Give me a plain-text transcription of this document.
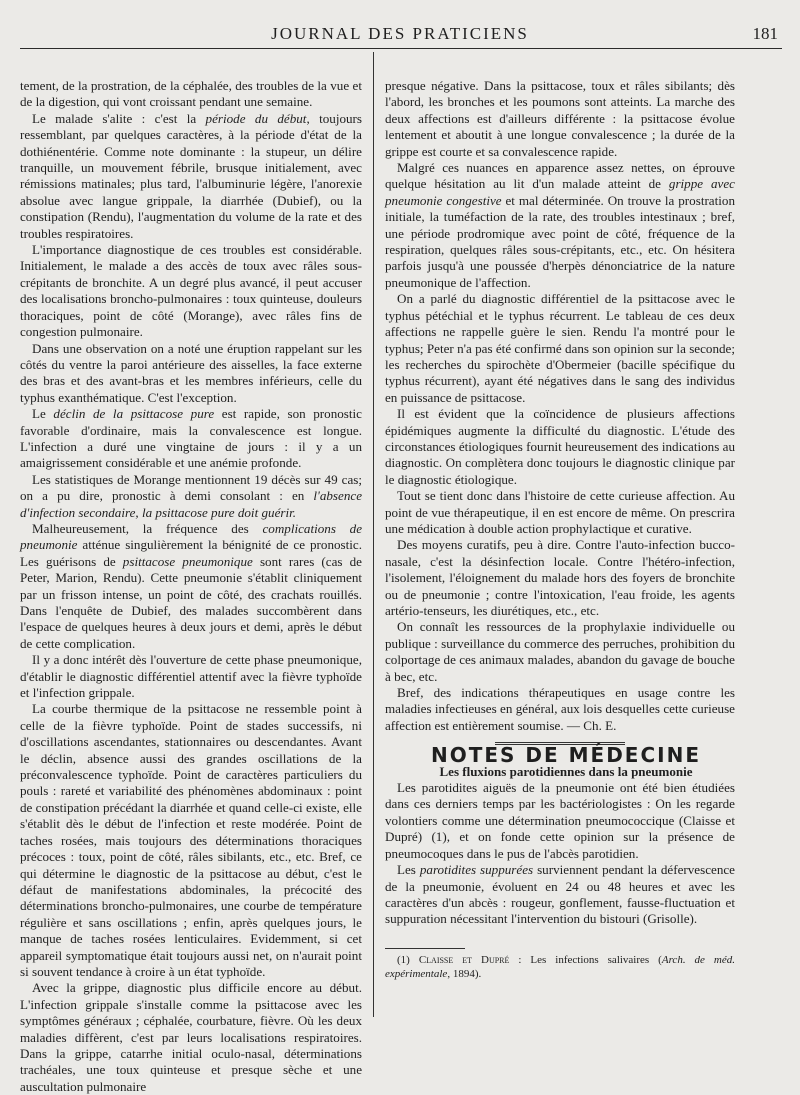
JOURNAL DES PRATICIENS	181

tement, de la prostration, de la céphalée, des troubles de la vue et de la digestion, qui vont croissant pendant une semaine.

Le malade s'alite : c'est la période du début, toujours ressemblant, par quelques caractères, à la période d'état de la dothiénentérie. Comme note dominante : la stupeur, un délire tranquille, un mouvement fébrile, brusque initialement, avec rémissions matinales; plus tard, l'albuminurie légère, l'anorexie absolue avec langue grippale, la diarrhée (Dubief), ou la constipation (Rendu), l'augmentation du volume de la rate et des troubles respiratoires.

L'importance diagnostique de ces troubles est considérable. Initialement, le malade a des accès de toux avec râles sous-crépitants de bronchite. A un degré plus avancé, il peut accuser des localisations broncho-pulmonaires : toux quinteuse, douleurs thoraciques, point de côté (Morange), avec râles fins de congestion pulmonaire.

Dans une observation on a noté une éruption rappelant sur les côtés du ventre la paroi antérieure des aisselles, la face externe des bras et des avant-bras et les membres inférieurs, celle du typhus exanthématique. C'est l'exception.

Le déclin de la psittacose pure est rapide, son pronostic favorable d'ordinaire, mais la convalescence est longue. L'infection a duré une vingtaine de jours : il y a un amaigrissement considérable et une anémie profonde.

Les statistiques de Morange mentionnent 19 décès sur 49 cas; on a pu dire, pronostic à demi consolant : en l'absence d'infection secondaire, la psittacose pure doit guérir.

Malheureusement, la fréquence des complications de pneumonie atténue singulièrement la bénignité de ce pronostic. Les guérisons de psittacose pneumonique sont rares (cas de Peter, Marion, Rendu). Cette pneumonie s'établit cliniquement par un frisson intense, un point de côté, des crachats rouillés. Dans l'enquête de Dubief, des malades succombèrent dans l'espace de quelques heures à deux jours et demi, après le début de cette complication.

Il y a donc intérêt dès l'ouverture de cette phase pneumonique, d'établir le diagnostic différentiel attentif avec la fièvre typhoïde et l'infection grippale.

La courbe thermique de la psittacose ne ressemble point à celle de la fièvre typhoïde. Point de stades successifs, ni d'oscillations ascendantes, stationnaires ou descendantes. Avant le déclin, absence aussi des grandes oscillations de la préconvalescence typhoïde. Point de caractères particuliers du pouls : rareté et variabilité des phénomènes abdominaux : point de constipation précédant la diarrhée et quand celle-ci existe, elle s'établit dès le début de l'infection et reste modérée. Point de taches rosées, mais toujours des déterminations thoraciques précoces : toux, point de côté, râles sibilants, etc., etc. Bref, ce qui détermine le diagnostic de la psittacose au début, c'est le défaut de manifestations abdominales, la précocité des déterminations broncho-pulmonaires, une courbe de température régulière et sans oscillations ; enfin, après quelques jours, le manque de taches rosées lenticulaires. Evidemment, si cet appareil symptomatique était toujours aussi net, on n'aurait point si souvent tendance à croire à un état typhoïde.

Avec la grippe, diagnostic plus difficile encore au début. L'infection grippale s'installe comme la psittacose avec les symptômes généraux ; céphalée, courbature, fièvre. Où les deux maladies diffèrent, c'est par leurs localisations respiratoires. Dans la grippe, catarrhe initial oculo-nasal, déterminations trachéales, une toux quinteuse et presque sèche et une auscultation pulmonaire

presque négative. Dans la psittacose, toux et râles sibilants; dès l'abord, les bronches et les poumons sont atteints. La marche des deux affections est d'ailleurs différente : la psittacose évolue lentement et aboutit à une longue convalescence ; la durée de la grippe est courte et sa convalescence rapide.

Malgré ces nuances en apparence assez nettes, on éprouve quelque hésitation au lit d'un malade atteint de grippe avec pneumonie congestive et mal déterminée. On trouve la prostration initiale, la tuméfaction de la rate, des troubles intestinaux ; bref, une période prodromique avec point de côté, fréquence de la respiration, quelques râles sous-crépitants, etc., etc. On hésitera parfois jusqu'à une poussée d'herpès dénonciatrice de la nature pneumonique de l'affection.

On a parlé du diagnostic différentiel de la psittacose avec le typhus pétéchial et le typhus récurrent. Le tableau de ces deux affections ne rappelle guère le sien. Rendu l'a montré pour le typhus; Peter n'a pas été confirmé dans son opinion sur la seconde; les recherches du spirochète d'Obermeier (bacille spécifique du typhus récurrent), ayant été négatives dans le sang des individus en puissance de psittacose.

Il est évident que la coïncidence de plusieurs affections épidémiques augmente la difficulté du diagnostic. L'étude des circonstances étiologiques fournit heureusement des indications au diagnostic. On complètera donc toujours le diagnostic clinique par le diagnostic étiologique.

Tout se tient donc dans l'histoire de cette curieuse affection. Au point de vue thérapeutique, il en est encore de même. On prescrira une médication à double action prophylactique et curative.

Des moyens curatifs, peu à dire. Contre l'auto-infection bucco-nasale, c'est la désinfection locale. Contre l'hétéro-infection, l'isolement, l'éloignement du malade hors des foyers de bronchite ou de pneumonie ; contre l'intoxication, l'eau froide, les agents artério-tenseurs, les diurétiques, etc., etc.

On connaît les ressources de la prophylaxie individuelle ou publique : surveillance du commerce des perruches, prohibition du colportage de ces animaux malades, abandon du gavage de bouche à bec, etc.

Bref, des indications thérapeutiques en usage contre les maladies infectieuses en général, aux lois desquelles cette curieuse affection est entièrement soumise. — Ch. E.

NOTES DE MÉDECINE

Les fluxions parotidiennes dans la pneumonie

Les parotidites aiguës de la pneumonie ont été bien étudiées dans ces derniers temps par les bactériologistes : On les regarde volontiers comme une détermination pneumococcique (Claisse et Dupré) (1), et on fonde cette opinion sur la présence de pneumocoques dans le pus de l'abcès parotidien.

Les parotidites suppurées surviennent pendant la défervescence de la pneumonie, évoluent en 24 ou 48 heures et avec les caractères d'un abcès : rougeur, gonflement, fausse-fluctuation et suppuration nécessitant l'intervention du bistouri (Grisolle).

(1) Claisse et Dupré : Les infections salivaires (Arch. de méd. expérimentale, 1894).
